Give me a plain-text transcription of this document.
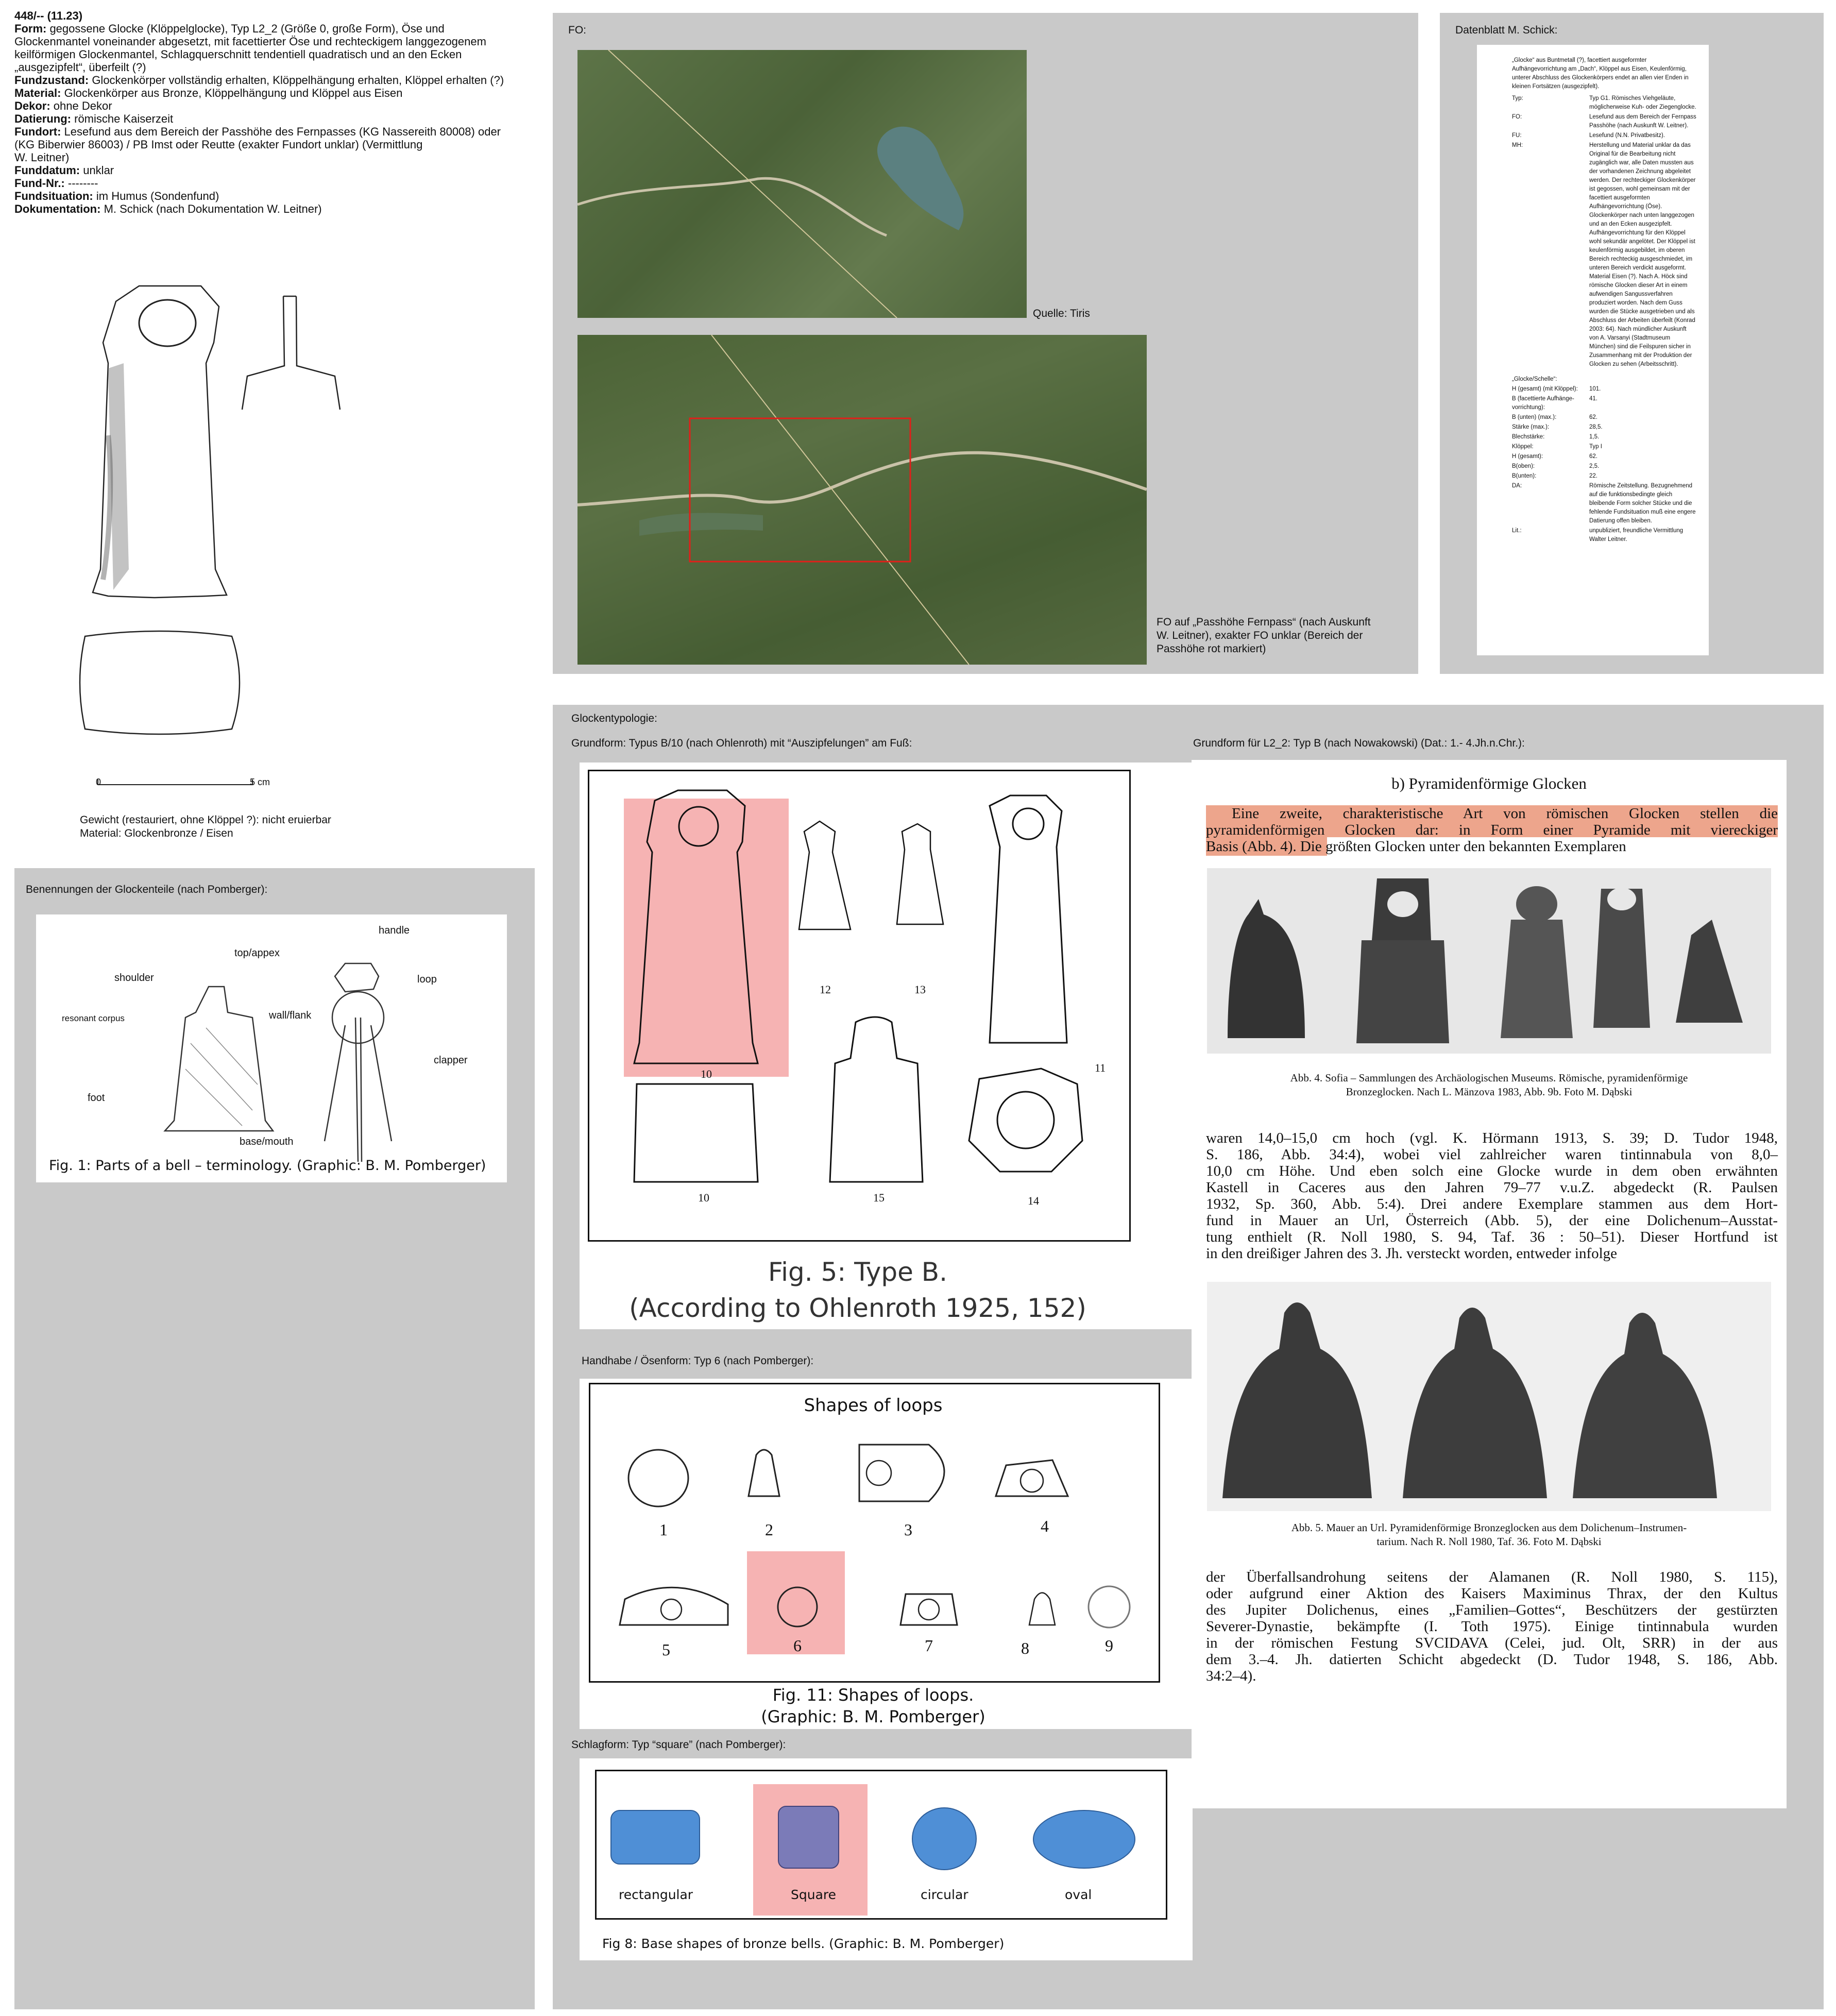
448/-- (11.23)

Form: gegossene Glocke (Klöppelglocke), Typ L2_2 (Größe 0, große Form), Öse und

Glockenmantel voneinander abgesetzt, mit facettierter Öse und rechteckigem langgezogenem

keilförmigen Glockenmantel, Schlagquerschnitt tendentiell quadratisch und an den Ecken

„ausgezipfelt“, überfeilt (?)

Fundzustand: Glockenkörper vollständig erhalten, Klöppelhängung erhalten, Klöppel erhalten (?)

Material: Glockenkörper aus Bronze, Klöppelhängung und Klöppel aus Eisen

Dekor: ohne Dekor

Datierung: römische Kaiserzeit

Fundort: Lesefund aus dem Bereich der Passhöhe des Fernpasses (KG Nassereith 80008) oder

(KG Biberwier 86003) / PB Imst oder Reutte (exakter Fundort unklar) (Vermittlung

W. Leitner)

Funddatum: unklar

Fund-Nr.: --------

Fundsituation: im Humus (Sondenfund)

Dokumentation: M. Schick (nach Dokumentation W. Leitner)

0	5 cm
Gewicht (restauriert, ohne Klöppel ?): nicht eruierbar
Material: Glockenbronze / Eisen
Benennungen der Glockenteile (nach Pomberger):
top/appex
handle
shoulder	loop
resonant corpus	wall/flank
clapper
foot
base/mouth
Fig. 1: Parts of a bell – terminology. (Graphic: B. M. Pomberger)
FO:
Quelle: Tiris
FO auf „Passhöhe Fernpass“ (nach Auskunft
W. Leitner), exakter FO unklar (Bereich der
Passhöhe rot markiert)
Datenblatt M. Schick:
„Glocke“ aus Buntmetall (?), facettiert ausgeformter Aufhängevorrichtung am „Dach“, Klöppel aus Eisen, Keulenförmig, unterer Abschluss des Glockenkörpers endet an allen vier Enden in kleinen Fortsätzen (ausgezipfelt).
Typ:	Typ G1. Römisches Viehgeläute, möglicherweise Kuh- oder Ziegenglocke.
FO:	Lesefund aus dem Bereich der Fernpass Passhöhe (nach Auskunft W. Leitner).
FU:	Lesefund (N.N. Privatbesitz).
MH:	Herstellung und Material unklar da das Original für die Bearbeitung nicht zugänglich war, alle Daten mussten aus der vorhandenen Zeichnung abgeleitet werden. Der rechteckiger Glockenkörper ist gegossen, wohl gemeinsam mit der facettiert ausgeformten Aufhängevorrichtung (Öse). Glockenkörper nach unten langgezogen und an den Ecken ausgezipfelt. Aufhängevorrichtung für den Klöppel wohl sekundär angelötet. Der Klöppel ist keulenförmig ausgebildet, im oberen Bereich rechteckig ausgeschmiedet, im unteren Bereich verdickt ausgeformt. Material Eisen (?). Nach A. Höck sind römische Glocken dieser Art in einem aufwendigen Sangussverfahren produziert worden. Nach dem Guss wurden die Stücke ausgetrieben und als Abschluss der Arbeiten überfeilt (Konrad 2003: 64). Nach mündlicher Auskunft von A. Varsanyi (Stadtmuseum München) sind die Feilspuren sicher in Zusammenhang mit der Produktion der Glocken zu sehen (Arbeitsschritt).
„Glocke/Schelle“:
H (gesamt) (mit Klöppel):	101.
B (facettierte Aufhänge-vorrichtung):
41.
B (unten) (max.):	62.
Stärke (max.):	28,5.
Blechstärke:	1,5.
Klöppel:	Typ I
H (gesamt):	62.
B(oben):	2,5.
B(unten):	22.
DA:	Römische Zeitstellung. Bezugnehmend auf die funktionsbedingte gleich bleibende Form solcher Stücke und die fehlende Fundsituation muß eine engere Datierung offen bleiben.
Lit.:	unpubliziert, freundliche Vermittlung Walter Leitner.
Glockentypologie:
Grundform: Typus B/10 (nach Ohlenroth) mit “Auszipfelungen” am Fuß:
12	13
10	11
10	15	14
Fig. 5: Type B.
(According to Ohlenroth 1925, 152)
Handhabe / Ösenform: Typ 6 (nach Pomberger):
Shapes of loops
1	2	3	4
5	6	7	8	9
Fig. 11: Shapes of loops.
(Graphic: B. M. Pomberger)
Schlagform: Typ “square” (nach Pomberger):
rectangular	Square	circular	oval
Fig 8: Base shapes of bronze bells. (Graphic: B. M. Pomberger)
Grundform für L2_2: Typ B (nach Nowakowski) (Dat.: 1.- 4.Jh.n.Chr.):
b) Pyramidenförmige Glocken
Eine zweite, charakteristische Art von römischen Glocken stellen die
pyramidenförmigen Glocken dar: in Form einer Pyramide mit viereckiger
Basis (Abb. 4). Die größten Glocken unter den bekannten Exemplaren
Abb. 4. Sofia – Sammlungen des Archäologischen Museums. Römische, pyramidenförmige
Bronzeglocken. Nach L. Mänzova 1983, Abb. 9b. Foto M. Dąbski
waren 14,0–15,0 cm hoch (vgl. K. Hörmann 1913, S. 39; D. Tudor 1948,
S. 186, Abb. 34:4), wobei viel zahlreicher waren tintinnabula von 8,0–
10,0 cm Höhe. Und eben solch eine Glocke wurde in dem oben erwähnten
Kastell in Caceres aus den Jahren 79–77 v.u.Z. abgedeckt (R. Paulsen
1932, Sp. 360, Abb. 5:4). Drei andere Exemplare stammen aus dem Hort-
fund in Mauer an Url, Österreich (Abb. 5), der eine Dolichenum–Ausstat-
tung enthielt (R. Noll 1980, S. 94, Taf. 36 : 50–51). Dieser Hortfund ist
in den dreißiger Jahren des 3. Jh. versteckt worden, entweder infolge
Abb. 5. Mauer an Url. Pyramidenförmige Bronzeglocken aus dem Dolichenum–Instrumen-
tarium. Nach R. Noll 1980, Taf. 36. Foto M. Dąbski
der Überfallsandrohung seitens der Alamanen (R. Noll 1980, S. 115),
oder aufgrund einer Aktion des Kaisers Maximinus Thrax, der den Kultus
des Jupiter Dolichenus, eines „Familien–Gottes“, Beschützers der gestürzten
Severer-Dynastie, bekämpfte (I. Toth 1975). Einige tintinnabula wurden
in der römischen Festung SVCIDAVA (Celei, jud. Olt, SRR) in der aus
dem 3.–4. Jh. datierten Schicht abgedeckt (D. Tudor 1948, S. 186, Abb.
34:2–4).
